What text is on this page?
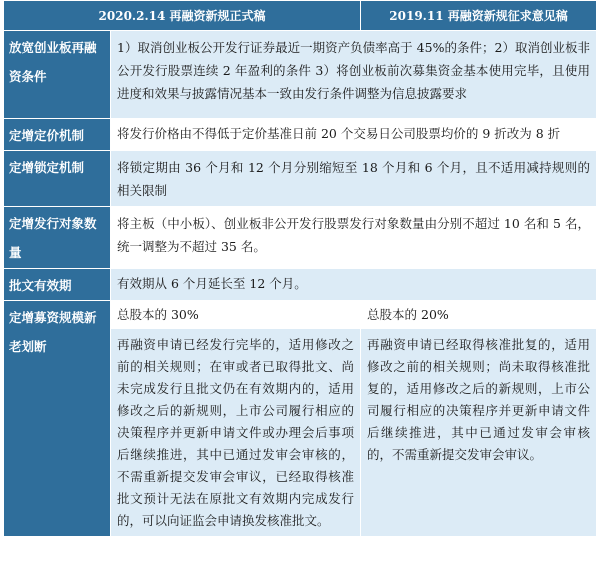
2020.2.14 再融资新规正式稿		2019.11 再融资新规征求意见稿
放宽创业板再融资条件	1）取消创业板公开发行证券最近一期资产负债率高于 45%的条件；2）取消创业板非公开发行股票连续 2 年盈利的条件 3）将创业板前次募集资金基本使用完毕，且使用进度和效果与披露情况基本一致由发行条件调整为信息披露要求	
定增定价机制	将发行价格由不得低于定价基准日前 20 个交易日公司股票均价的 9 折改为 8 折	
定增锁定机制	将锁定期由 36 个月和 12 个月分别缩短至 18 个月和 6 个月，且不适用减持规则的相关限制	
定增发行对象数量	将主板（中小板）、创业板非公开发行股票发行对象数量由分别不超过 10 名和 5 名，统一调整为不超过 35 名。	
批文有效期	有效期从 6 个月延长至 12 个月。	
定增募资规模新老划断	总股本的 30%	总股本的 20%
	再融资申请已经发行完毕的，适用修改之前的相关规则；在审或者已取得批文、尚未完成发行且批文仍在有效期内的，适用修改之后的新规则，上市公司履行相应的决策程序并更新申请文件或办理会后事项后继续推进，其中已通过发审会审核的，不需重新提交发审会审议，已经取得核准批文预计无法在原批文有效期内完成发行的，可以向证监会申请换发核准批文。	再融资申请已经取得核准批复的，适用修改之前的相关规则；尚未取得核准批复的，适用修改之后的新规则，上市公司履行相应的决策程序并更新申请文件后继续推进，其中已通过发审会审核的，不需重新提交发审会审议。
